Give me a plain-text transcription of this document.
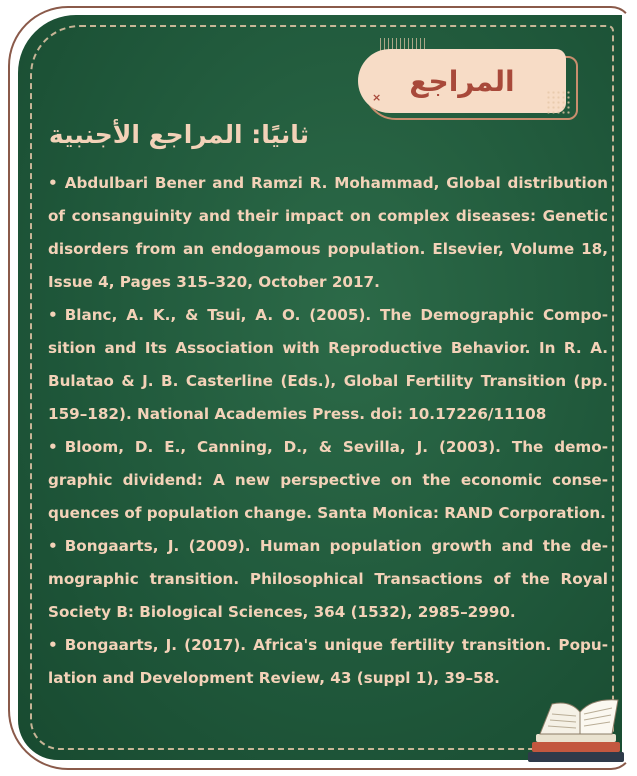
المراجع
×
ثانيًا: المراجع الأجنبية

• Abdulbari Bener and Ramzi R. Mohammad, Global distribution of consanguinity and their impact on complex diseases: Genetic disorders from an endogamous population. Elsevier, Volume 18, Issue 4, Pages 315–320, October 2017.

• Blanc, A. K., & Tsui, A. O. (2005). The Demographic Composition and Its Association with Reproductive Behavior. In R. A. Bulatao & J. B. Casterline (Eds.), Global Fertility Transition (pp. 159–182). National Academies Press. doi: 10.17226/11108

• Bloom, D. E., Canning, D., & Sevilla, J. (2003). The demographic dividend: A new perspective on the economic consequences of population change. Santa Monica: RAND Corporation.

• Bongaarts, J. (2009). Human population growth and the demographic transition. Philosophical Transactions of the Royal Society B: Biological Sciences, 364 (1532), 2985–2990.

• Bongaarts, J. (2017). Africa's unique fertility transition. Population and Development Review, 43 (suppl 1), 39–58.
